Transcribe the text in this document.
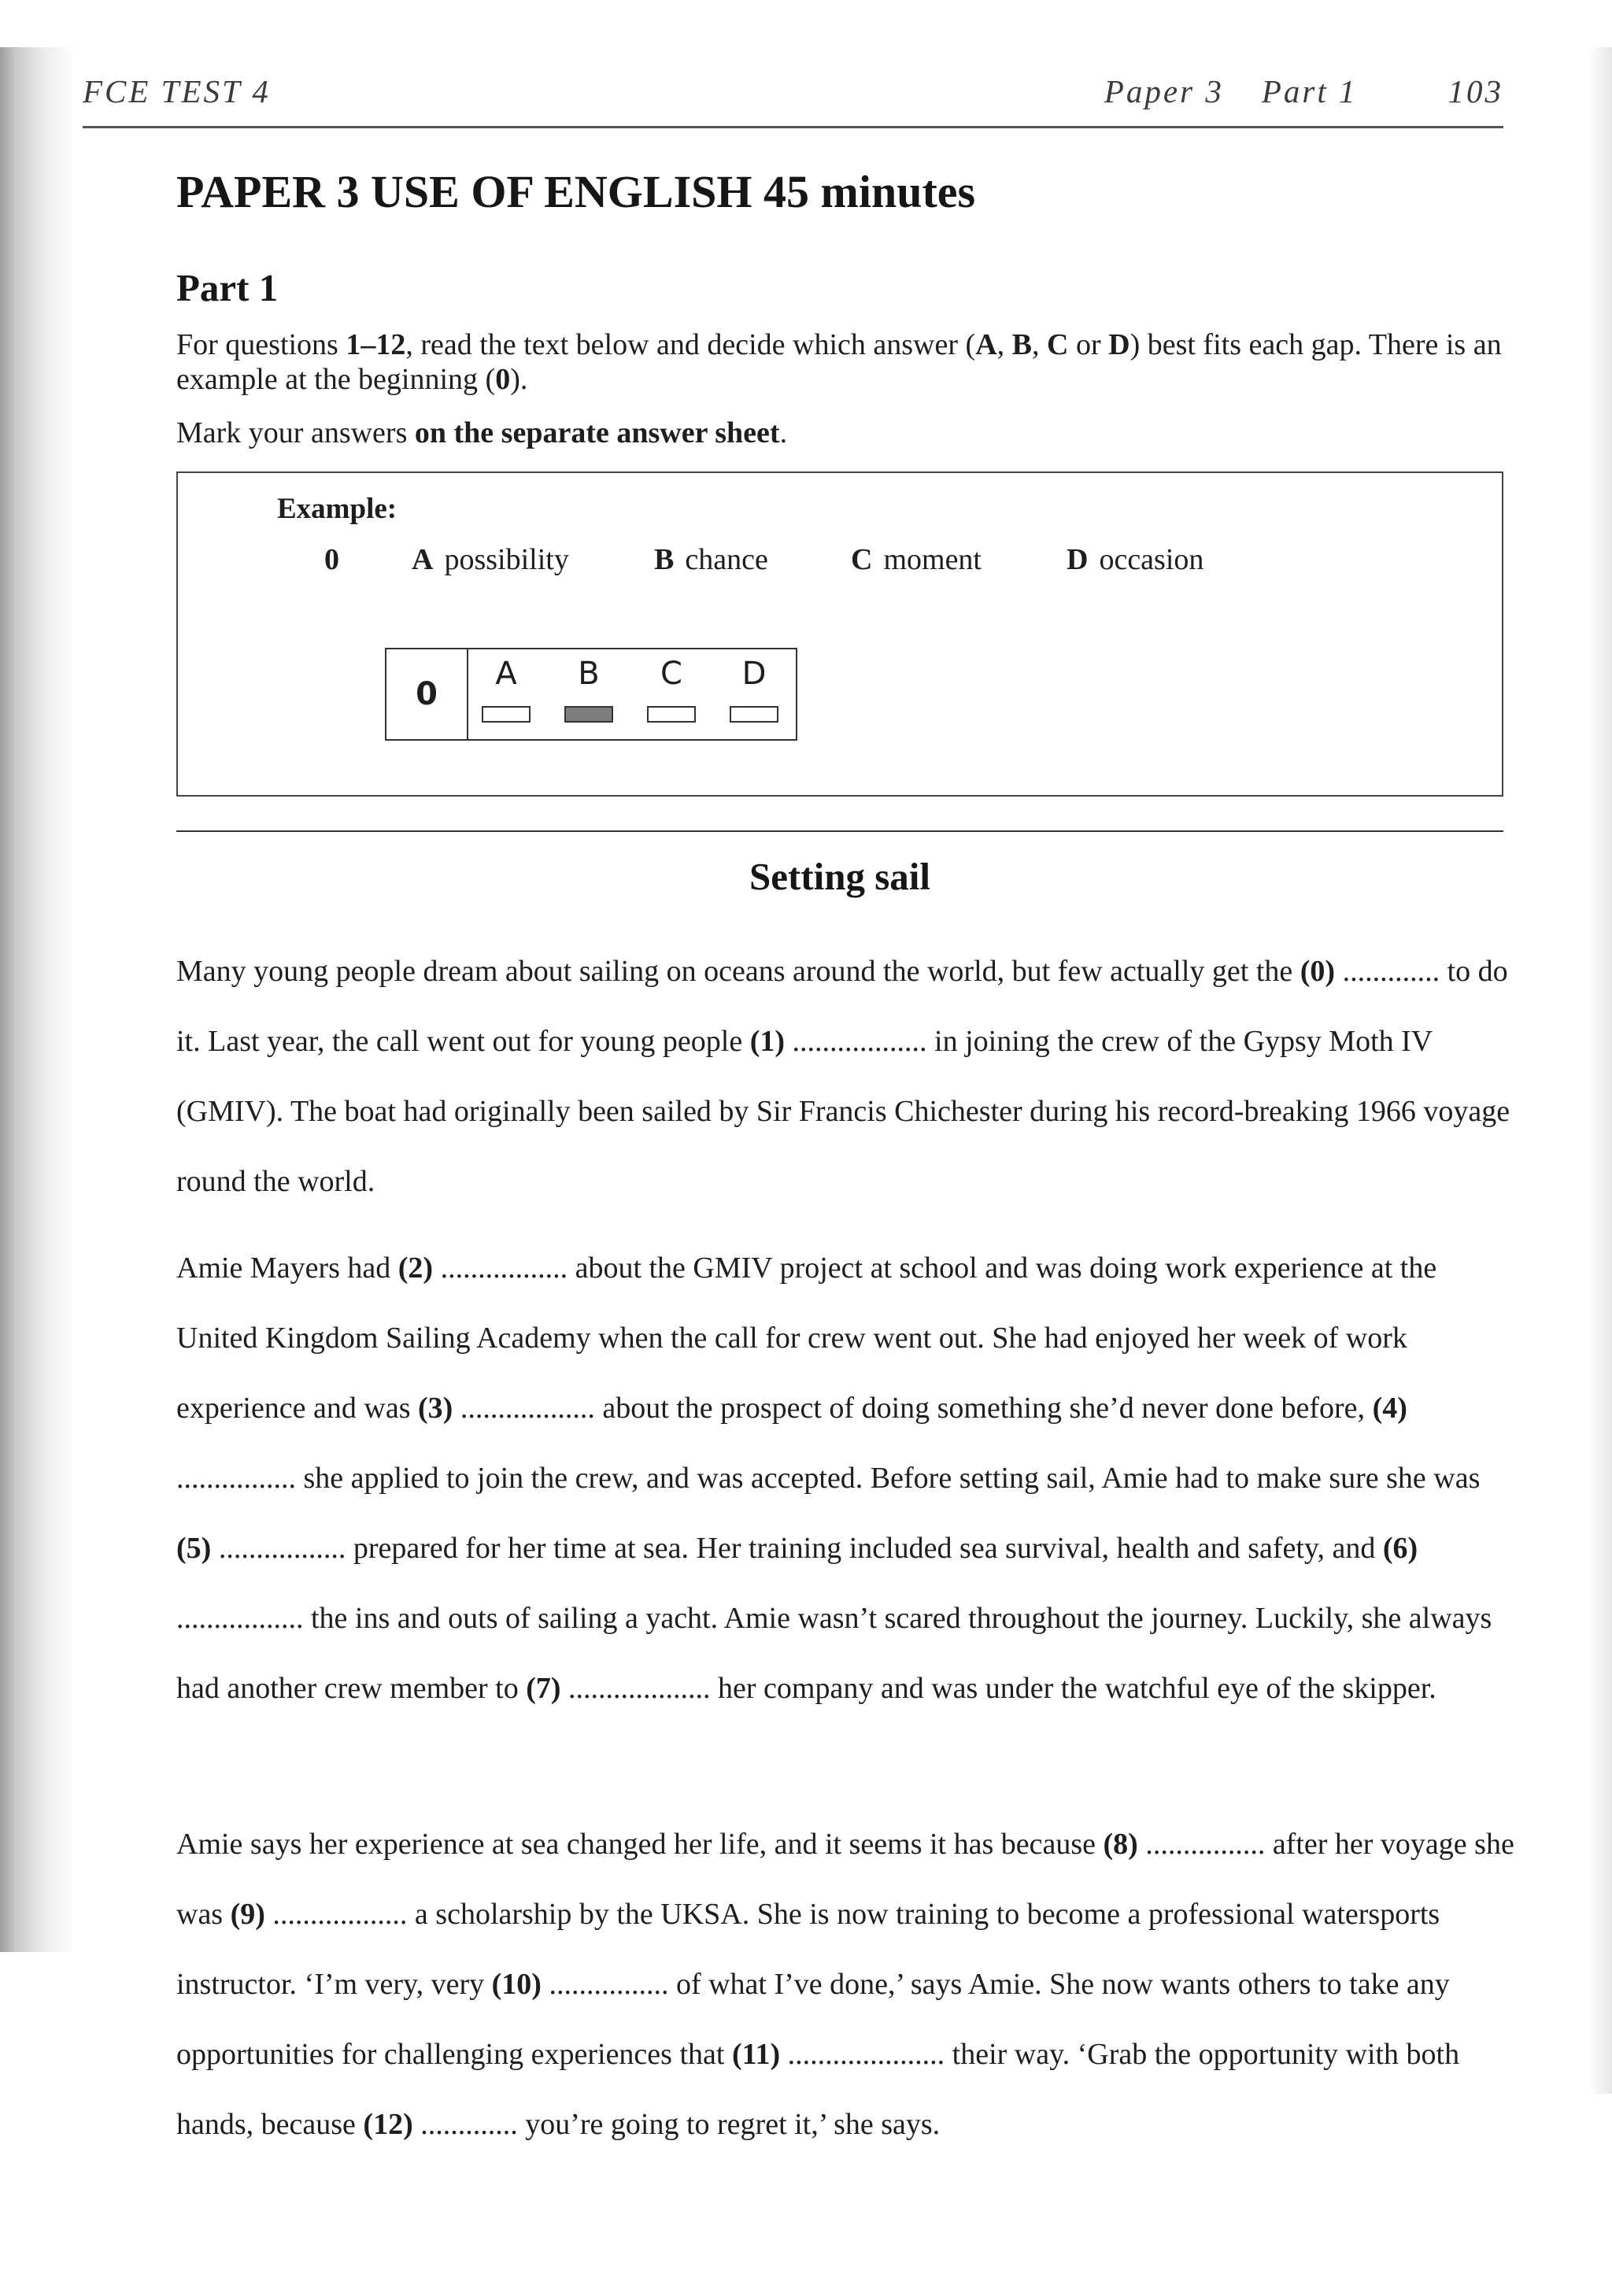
FCE TEST 4	Paper 3 Part 1	103
PAPER 3 USE OF ENGLISH 45 minutes
Part 1

For questions 1–12, read the text below and decide which answer (A, B, C or D) best fits each gap. There is an example at the beginning (0).

Mark your answers on the separate answer sheet.

Example:
0 A possibility	B chance	C moment	D occasion
0
A	B	C	D
Setting sail

Many young people dream about sailing on oceans around the world, but few actually get the (0) ............. to do it. Last year, the call went out for young people (1) .................. in joining the crew of the Gypsy Moth IV (GMIV). The boat had originally been sailed by Sir Francis Chichester during his record-breaking 1966 voyage round the world.

Amie Mayers had (2) ................. about the GMIV project at school and was doing work experience at the United Kingdom Sailing Academy when the call for crew went out. She had enjoyed her week of work experience and was (3) .................. about the prospect of doing something she’d never done before, (4) ................ she applied to join the crew, and was accepted. Before setting sail, Amie had to make sure she was (5) ................. prepared for her time at sea. Her training included sea survival, health and safety, and (6) ................. the ins and outs of sailing a yacht. Amie wasn’t scared throughout the journey. Luckily, she always had another crew member to (7) ................... her company and was under the watchful eye of the skipper.

Amie says her experience at sea changed her life, and it seems it has because (8) ................ after her voyage she was (9) .................. a scholarship by the UKSA. She is now training to become a professional watersports instructor. ‘I’m very, very (10) ................ of what I’ve done,’ says Amie. She now wants others to take any opportunities for challenging experiences that (11) ..................... their way. ‘Grab the opportunity with both hands, because (12) ............. you’re going to regret it,’ she says.
